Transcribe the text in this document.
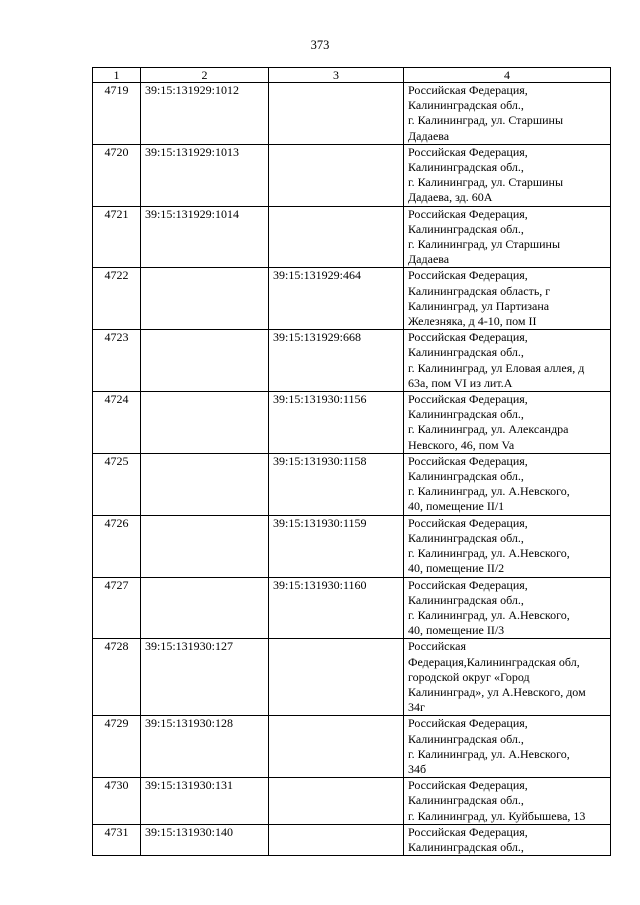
373
1	2	3	4
4719	39:15:131929:1012		Российская Федерация,
Калининградская обл.,
г. Калининград, ул. Старшины
Дадаева

4720	39:15:131929:1013		Российская Федерация,
Калининградская обл.,
г. Калининград, ул. Старшины
Дадаева, зд. 60А

4721	39:15:131929:1014		Российская Федерация,
Калининградская обл.,
г. Калининград, ул Старшины
Дадаева

4722		39:15:131929:464	Российская Федерация,
Калининградская область, г
Калининград, ул Партизана
Железняка, д 4-10, пом II

4723		39:15:131929:668	Российская Федерация,
Калининградская обл.,
г. Калининград, ул Еловая аллея, д
63а, пом VI из лит.А

4724		39:15:131930:1156	Российская Федерация,
Калининградская обл.,
г. Калининград, ул. Александра
Невского, 46, пом Va

4725		39:15:131930:1158	Российская Федерация,
Калининградская обл.,
г. Калининград, ул. А.Невского,
40, помещение II/1

4726		39:15:131930:1159	Российская Федерация,
Калининградская обл.,
г. Калининград, ул. А.Невского,
40, помещение II/2

4727		39:15:131930:1160	Российская Федерация,
Калининградская обл.,
г. Калининград, ул. А.Невского,
40, помещение II/3

4728	39:15:131930:127		Российская
Федерация,Калининградская обл,
городской округ «Город
Калининград», ул А.Невского, дом
34г

4729	39:15:131930:128		Российская Федерация,
Калининградская обл.,
г. Калининград, ул. А.Невского,
34б

4730	39:15:131930:131		Российская Федерация,
Калининградская обл.,
г. Калининград, ул. Куйбышева, 13

4731	39:15:131930:140		Российская Федерация,
Калининградская обл.,
